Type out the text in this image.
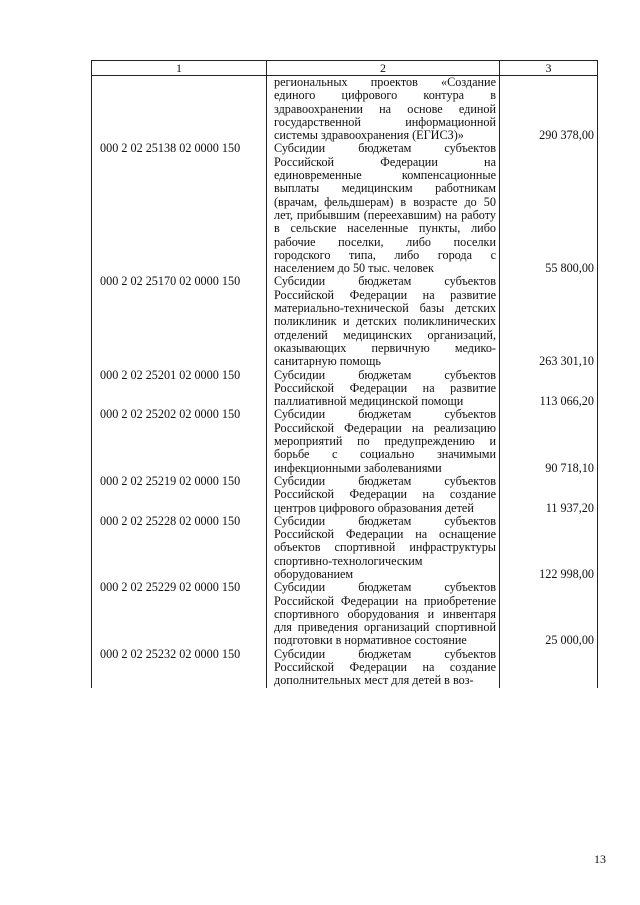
1	2	3
	региональных проектов «Создание единого цифрового контура в здравоохранении на основе единой государственной информационной системы здравоохранения (ЕГИСЗ)»	290 378,00
000 2 02 25138 02 0000 150	Субсидии бюджетам субъектов Российской Федерации на единовременные компенсационные выплаты медицинским работникам (врачам, фельдшерам) в возрасте до 50 лет, прибывшим (переехавшим) на работу в сельские населенные пункты, либо рабочие поселки, либо поселки городского типа, либо города с населением до 50 тыс. человек	55 800,00
000 2 02 25170 02 0000 150	Субсидии бюджетам субъектов Российской Федерации на развитие материально-технической базы детских поликлиник и детских поликлинических отделений медицинских организаций, оказывающих первичную медико-санитарную помощь	263 301,10
000 2 02 25201 02 0000 150	Субсидии бюджетам субъектов Российской Федерации на развитие паллиативной медицинской помощи	113 066,20
000 2 02 25202 02 0000 150	Субсидии бюджетам субъектов Российской Федерации на реализацию мероприятий по предупреждению и борьбе с социально значимыми инфекционными заболеваниями	90 718,10
000 2 02 25219 02 0000 150	Субсидии бюджетам субъектов Российской Федерации на создание центров цифрового образования детей	11 937,20
000 2 02 25228 02 0000 150	Субсидии бюджетам субъектов Российской Федерации на оснащение объектов спортивной инфраструктуры спортивно-технологическим оборудованием	122 998,00
000 2 02 25229 02 0000 150	Субсидии бюджетам субъектов Российской Федерации на приобретение спортивного оборудования и инвентаря для приведения организаций спортивной подготовки в нормативное состояние	25 000,00
000 2 02 25232 02 0000 150	Субсидии бюджетам субъектов Российской Федерации на создание дополнительных мест для детей в воз-	
13
